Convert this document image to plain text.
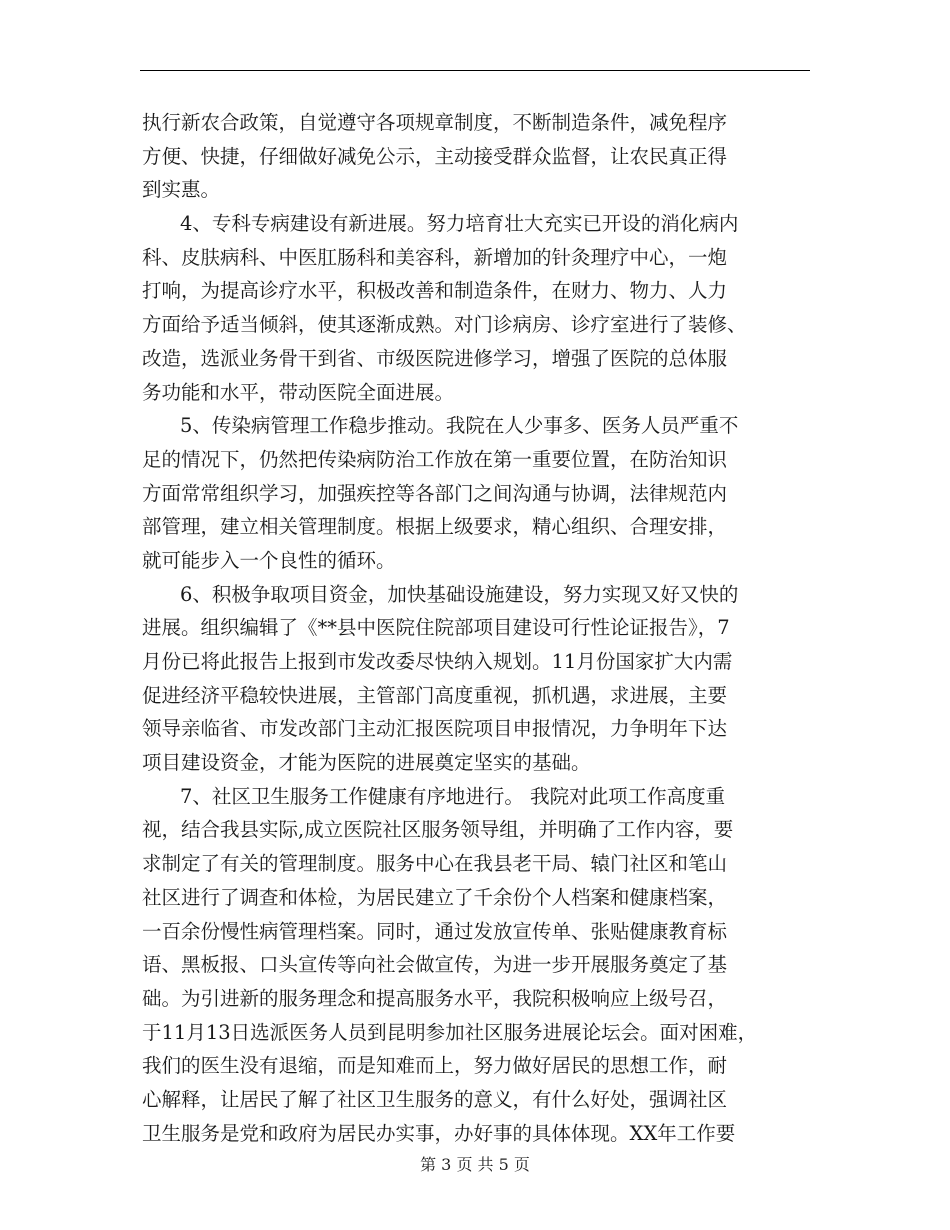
执行新农合政策，自觉遵守各项规章制度，不断制造条件，减免程序
方便、快捷，仔细做好减免公示，主动接受群众监督，让农民真正得
到实惠。
4、专科专病建设有新进展。努力培育壮大充实已开设的消化病内
科、皮肤病科、中医肛肠科和美容科，新增加的针灸理疗中心，一炮
打响，为提高诊疗水平，积极改善和制造条件，在财力、物力、人力
方面给予适当倾斜，使其逐渐成熟。对门诊病房、诊疗室进行了装修、
改造，选派业务骨干到省、市级医院进修学习，增强了医院的总体服
务功能和水平，带动医院全面进展。
5、传染病管理工作稳步推动。我院在人少事多、医务人员严重不
足的情况下，仍然把传染病防治工作放在第一重要位置，在防治知识
方面常常组织学习，加强疾控等各部门之间沟通与协调，法律规范内
部管理，建立相关管理制度。根据上级要求，精心组织、合理安排，
就可能步入一个良性的循环。
6、积极争取项目资金，加快基础设施建设，努力实现又好又快的
进展。组织编辑了《**县中医院住院部项目建设可行性论证报告》，7
月份已将此报告上报到市发改委尽快纳入规划。11月份国家扩大内需
促进经济平稳较快进展，主管部门高度重视，抓机遇，求进展，主要
领导亲临省、市发改部门主动汇报医院项目申报情况，力争明年下达
项目建设资金，才能为医院的进展奠定坚实的基础。
7、社区卫生服务工作健康有序地进行。 我院对此项工作高度重
视，结合我县实际,成立医院社区服务领导组，并明确了工作内容，要
求制定了有关的管理制度。服务中心在我县老干局、辕门社区和笔山
社区进行了调查和体检，为居民建立了千余份个人档案和健康档案，
一百余份慢性病管理档案。同时，通过发放宣传单、张贴健康教育标
语、黑板报、口头宣传等向社会做宣传，为进一步开展服务奠定了基
础。为引进新的服务理念和提高服务水平，我院积极响应上级号召，
于11月13日选派医务人员到昆明参加社区服务进展论坛会。面对困难，
我们的医生没有退缩，而是知难而上，努力做好居民的思想工作，耐
心解释，让居民了解了社区卫生服务的意义，有什么好处，强调社区
卫生服务是党和政府为居民办实事，办好事的具体体现。XX年工作要
第 3 页 共 5 页
